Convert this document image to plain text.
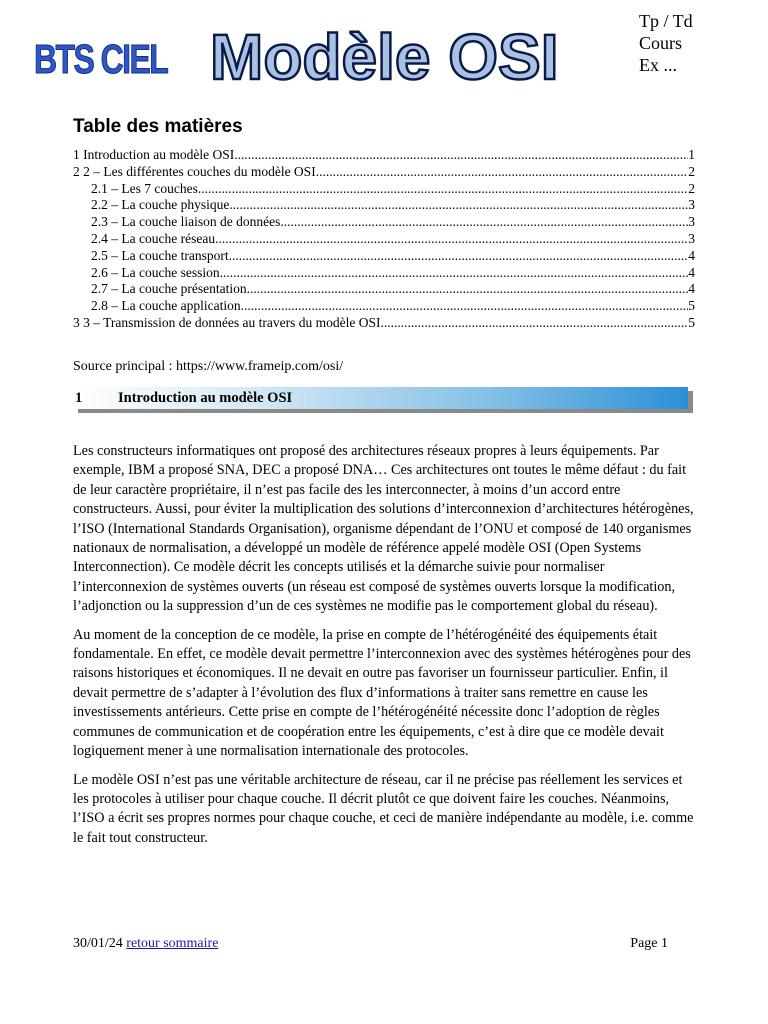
BTS CIEL Modèle OSI	Tp / Td
Cours
Ex ...
Table des matières
1 Introduction au modèle OSI .....	1
2 2 – Les différentes couches du modèle OSI .....	2
2.1 – Les 7 couches .....	2
2.2 – La couche physique .....	3
2.3 – La couche liaison de données .....	3
2.4 – La couche réseau .....	3
2.5 – La couche transport .....	4
2.6 – La couche session .....	4
2.7 – La couche présentation .....	4
2.8 – La couche application .....	5
3 3 – Transmission de données au travers du modèle OSI .....	5
Source principal : https://www.frameip.com/osi/
1 Introduction au modèle OSI

Les constructeurs informatiques ont proposé des architectures réseaux propres à leurs équipements. Par exemple, IBM a proposé SNA, DEC a proposé DNA… Ces architectures ont toutes le même défaut : du fait de leur caractère propriétaire, il n’est pas facile des les interconnecter, à moins d’un accord entre constructeurs. Aussi, pour éviter la multiplication des solutions d’interconnexion d’architectures hétérogènes, l’ISO (International Standards Organisation), organisme dépendant de l’ONU et composé de 140 organismes nationaux de normalisation, a développé un modèle de référence appelé modèle OSI (Open Systems Interconnection). Ce modèle décrit les concepts utilisés et la démarche suivie pour normaliser l’interconnexion de systèmes ouverts (un réseau est composé de systèmes ouverts lorsque la modification, l’adjonction ou la suppression d’un de ces systèmes ne modifie pas le comportement global du réseau).

Au moment de la conception de ce modèle, la prise en compte de l’hétérogénéité des équipements était fondamentale. En effet, ce modèle devait permettre l’interconnexion avec des systèmes hétérogènes pour des raisons historiques et économiques. Il ne devait en outre pas favoriser un fournisseur particulier. Enfin, il devait permettre de s’adapter à l’évolution des flux d’informations à traiter sans remettre en cause les investissements antérieurs. Cette prise en compte de l’hétérogénéité nécessite donc l’adoption de règles communes de communication et de coopération entre les équipements, c’est à dire que ce modèle devait logiquement mener à une normalisation internationale des protocoles.

Le modèle OSI n’est pas une véritable architecture de réseau, car il ne précise pas réellement les services et les protocoles à utiliser pour chaque couche. Il décrit plutôt ce que doivent faire les couches. Néanmoins, l’ISO a écrit ses propres normes pour chaque couche, et ceci de manière indépendante au modèle, i.e. comme le fait tout constructeur.

30/01/24 retour sommaire	Page 1
